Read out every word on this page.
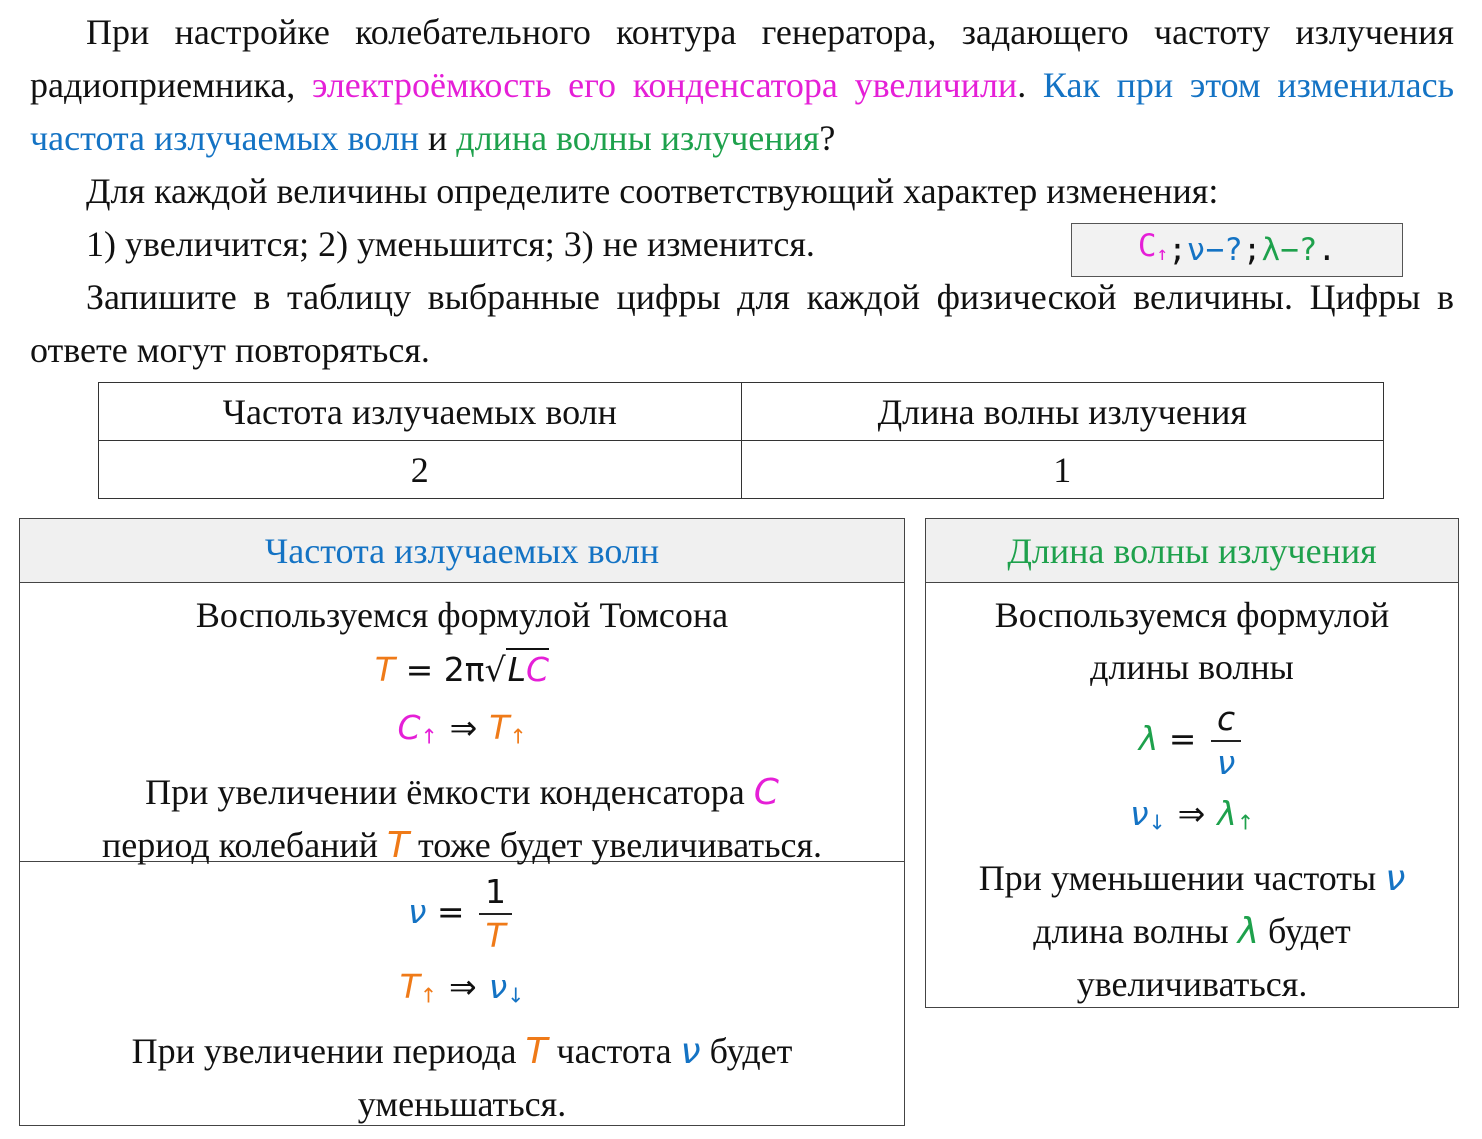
При настройке колебательного контура генератора, задающего частоту излучения радиоприемника, электроёмкость его конденсатора увеличили. Как при этом изменилась частота излучаемых волн и длина волны излучения?

Для каждой величины определите соответствующий характер изменения:

1) увеличится; 2) уменьшится; 3) не изменится.	C↑ ; ν−? ; λ−? .

Запишите в таблицу выбранные цифры для каждой физической величины. Цифры в ответе могут повторяться.

Частота излучаемых волн	Длина волны излучения
2	1
Частота излучаемых волн
Воспользуемся формулой Томсона
T = 2π√LC
C↑ ⇒ T↑
При увеличении ёмкости конденсатора C
период колебаний T тоже будет увеличиваться.
$\nu = \frac{1}{T}$
T↑ ⇒ ν↓
При увеличении периода T частота ν будет уменьшаться.
Длина волны излучения
Воспользуемся формулой длины волны
$\lambda = \frac{c}{\nu}$
ν↓ ⇒ λ↑
При уменьшении частоты ν длина волны λ будет увеличиваться.
